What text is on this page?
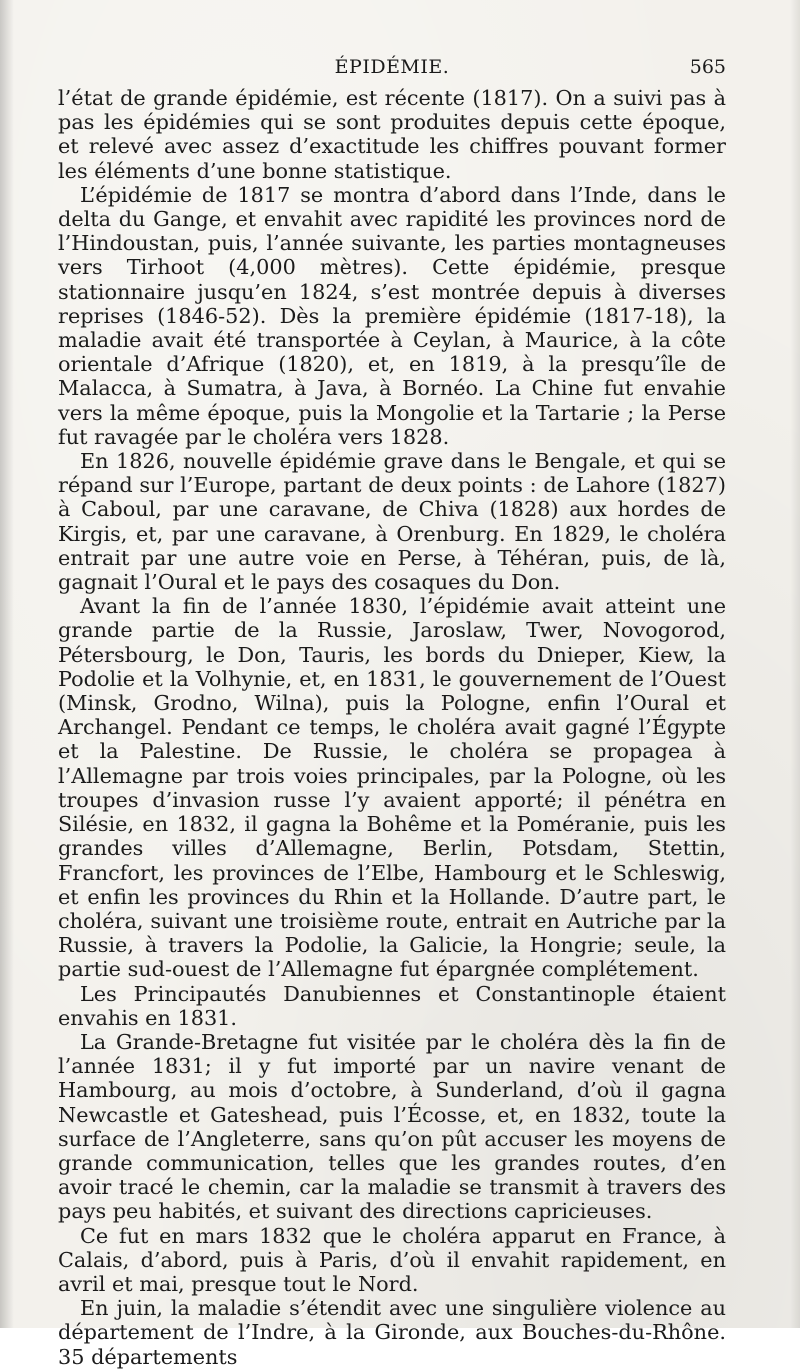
ÉPIDÉMIE.	565

l’état de grande épidémie, est récente (1817). On a suivi pas à pas les épidémies qui se sont produites depuis cette époque, et relevé avec assez d’exactitude les chiffres pouvant former les éléments d’une bonne statistique.

L’épidémie de 1817 se montra d’abord dans l’Inde, dans le delta du Gange, et envahit avec rapidité les provinces nord de l’Hindoustan, puis, l’année suivante, les parties montagneuses vers Tirhoot (4,000 mètres). Cette épidémie, presque stationnaire jusqu’en 1824, s’est montrée depuis à diverses reprises (1846-52). Dès la première épidémie (1817-18), la maladie avait été transportée à Ceylan, à Maurice, à la côte orientale d’Afrique (1820), et, en 1819, à la presqu’île de Malacca, à Sumatra, à Java, à Bornéo. La Chine fut envahie vers la même époque, puis la Mongolie et la Tartarie ; la Perse fut ravagée par le choléra vers 1828.

En 1826, nouvelle épidémie grave dans le Bengale, et qui se répand sur l’Europe, partant de deux points : de Lahore (1827) à Caboul, par une caravane, de Chiva (1828) aux hordes de Kirgis, et, par une caravane, à Orenburg. En 1829, le choléra entrait par une autre voie en Perse, à Téhéran, puis, de là, gagnait l’Oural et le pays des cosaques du Don.

Avant la fin de l’année 1830, l’épidémie avait atteint une grande partie de la Russie, Jaroslaw, Twer, Novogorod, Pétersbourg, le Don, Tauris, les bords du Dnieper, Kiew, la Podolie et la Volhynie, et, en 1831, le gouvernement de l’Ouest (Minsk, Grodno, Wilna), puis la Pologne, enfin l’Oural et Archangel. Pendant ce temps, le choléra avait gagné l’Égypte et la Palestine. De Russie, le choléra se propagea à l’Allemagne par trois voies principales, par la Pologne, où les troupes d’invasion russe l’y avaient apporté; il pénétra en Silésie, en 1832, il gagna la Bohême et la Poméranie, puis les grandes villes d’Allemagne, Berlin, Potsdam, Stettin, Francfort, les provinces de l’Elbe, Hambourg et le Schleswig, et enfin les provinces du Rhin et la Hollande. D’autre part, le choléra, suivant une troisième route, entrait en Autriche par la Russie, à travers la Podolie, la Galicie, la Hongrie; seule, la partie sud-ouest de l’Allemagne fut épargnée complétement.

Les Principautés Danubiennes et Constantinople étaient envahis en 1831.

La Grande-Bretagne fut visitée par le choléra dès la fin de l’année 1831; il y fut importé par un navire venant de Hambourg, au mois d’octobre, à Sunderland, d’où il gagna Newcastle et Gateshead, puis l’Écosse, et, en 1832, toute la surface de l’Angleterre, sans qu’on pût accuser les moyens de grande communication, telles que les grandes routes, d’en avoir tracé le chemin, car la maladie se transmit à travers des pays peu habités, et suivant des directions capricieuses.

Ce fut en mars 1832 que le choléra apparut en France, à Calais, d’abord, puis à Paris, d’où il envahit rapidement, en avril et mai, presque tout le Nord.

En juin, la maladie s’étendit avec une singulière violence au département de l’Indre, à la Gironde, aux Bouches-du-Rhône. 35 départements
